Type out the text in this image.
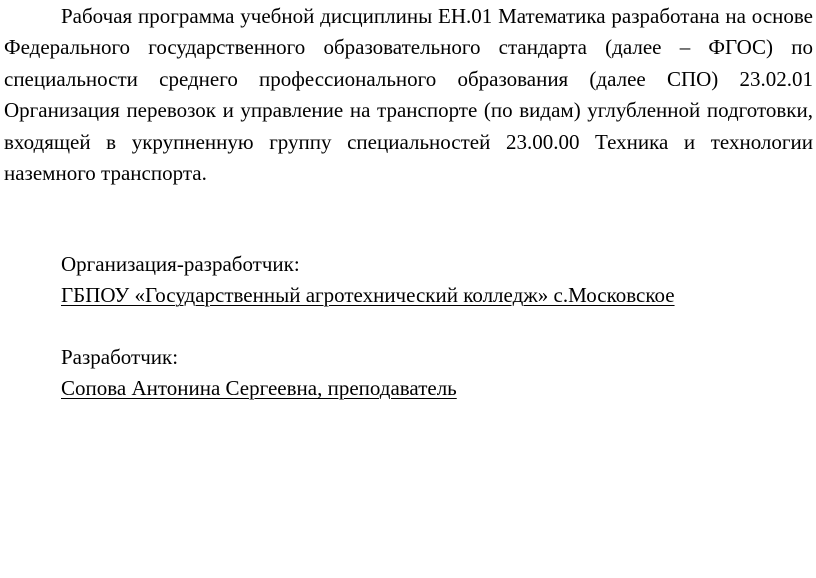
Рабочая программа учебной дисциплины ЕН.01 Математика разработана на основе Федерального государственного образовательного стандарта (далее – ФГОС) по специальности среднего профессионального образования (далее СПО) 23.02.01 Организация перевозок и управление на транспорте (по видам) углубленной подготовки, входящей в укрупненную группу специальностей 23.00.00 Техника и технологии наземного транспорта.

Организация-разработчик:
ГБПОУ «Государственный агротехнический колледж» с.Московское
Разработчик:
Сопова Антонина Сергеевна, преподаватель
